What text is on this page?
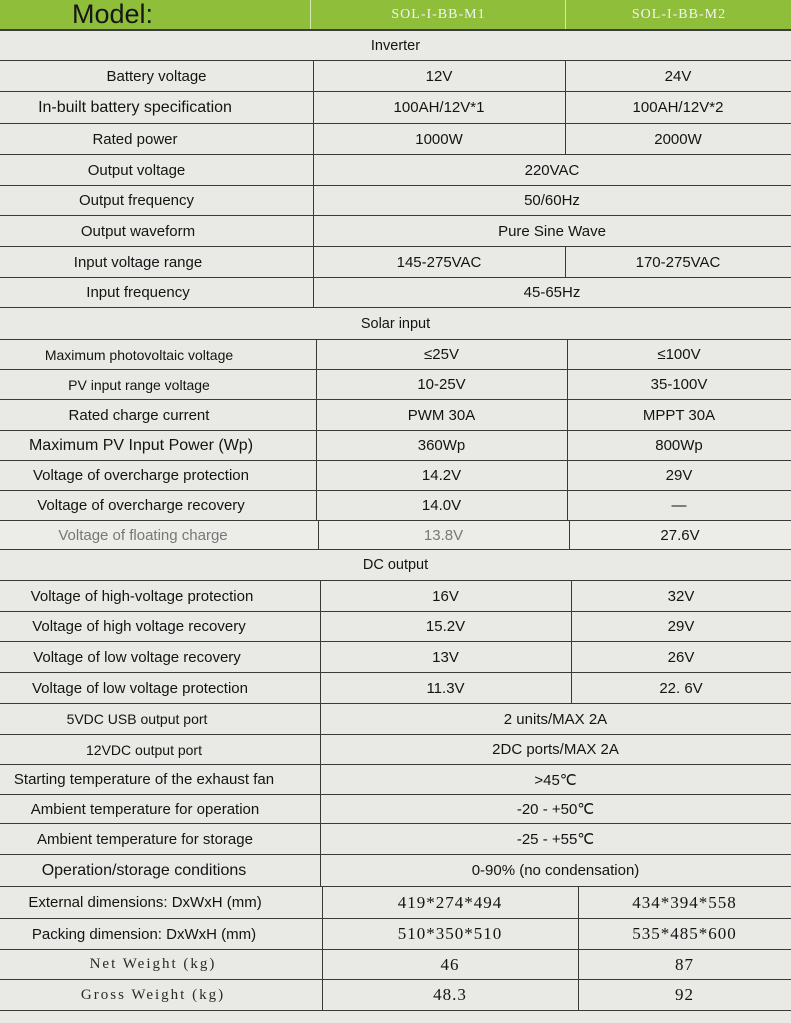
Model:	SOL-I-BB-M1	SOL-I-BB-M2
Inverter
Battery voltage	12V	24V
In-built battery specification	100AH/12V*1	100AH/12V*2
Rated power	1000W	2000W
Output voltage	220VAC
Output frequency	50/60Hz
Output waveform	Pure Sine Wave
Input voltage range	145-275VAC	170-275VAC
Input frequency	45-65Hz
Solar input
Maximum photovoltaic voltage	≤25V	≤100V
PV input range voltage	10-25V	35-100V
Rated charge current	PWM 30A	MPPT 30A
Maximum PV Input Power (Wp)	360Wp	800Wp
Voltage of overcharge protection	14.2V	29V
Voltage of overcharge recovery	14.0V	—
Voltage of floating charge	13.8V	27.6V
DC output
Voltage of high-voltage protection	16V	32V
Voltage of high voltage recovery	15.2V	29V
Voltage of low voltage recovery	13V	26V
Voltage of low voltage protection	11.3V	22. 6V
5VDC USB output port	2 units/MAX 2A
12VDC output port	2DC ports/MAX 2A
Starting temperature of the exhaust fan	>45℃
Ambient temperature for operation	-20 - +50℃
Ambient temperature for storage	-25 - +55℃
Operation/storage conditions	0-90% (no condensation)
External dimensions: DxWxH (mm)	419*274*494	434*394*558
Packing dimension: DxWxH (mm)	510*350*510	535*485*600
Net Weight (kg)	46	87
Gross Weight (kg)	48.3	92
